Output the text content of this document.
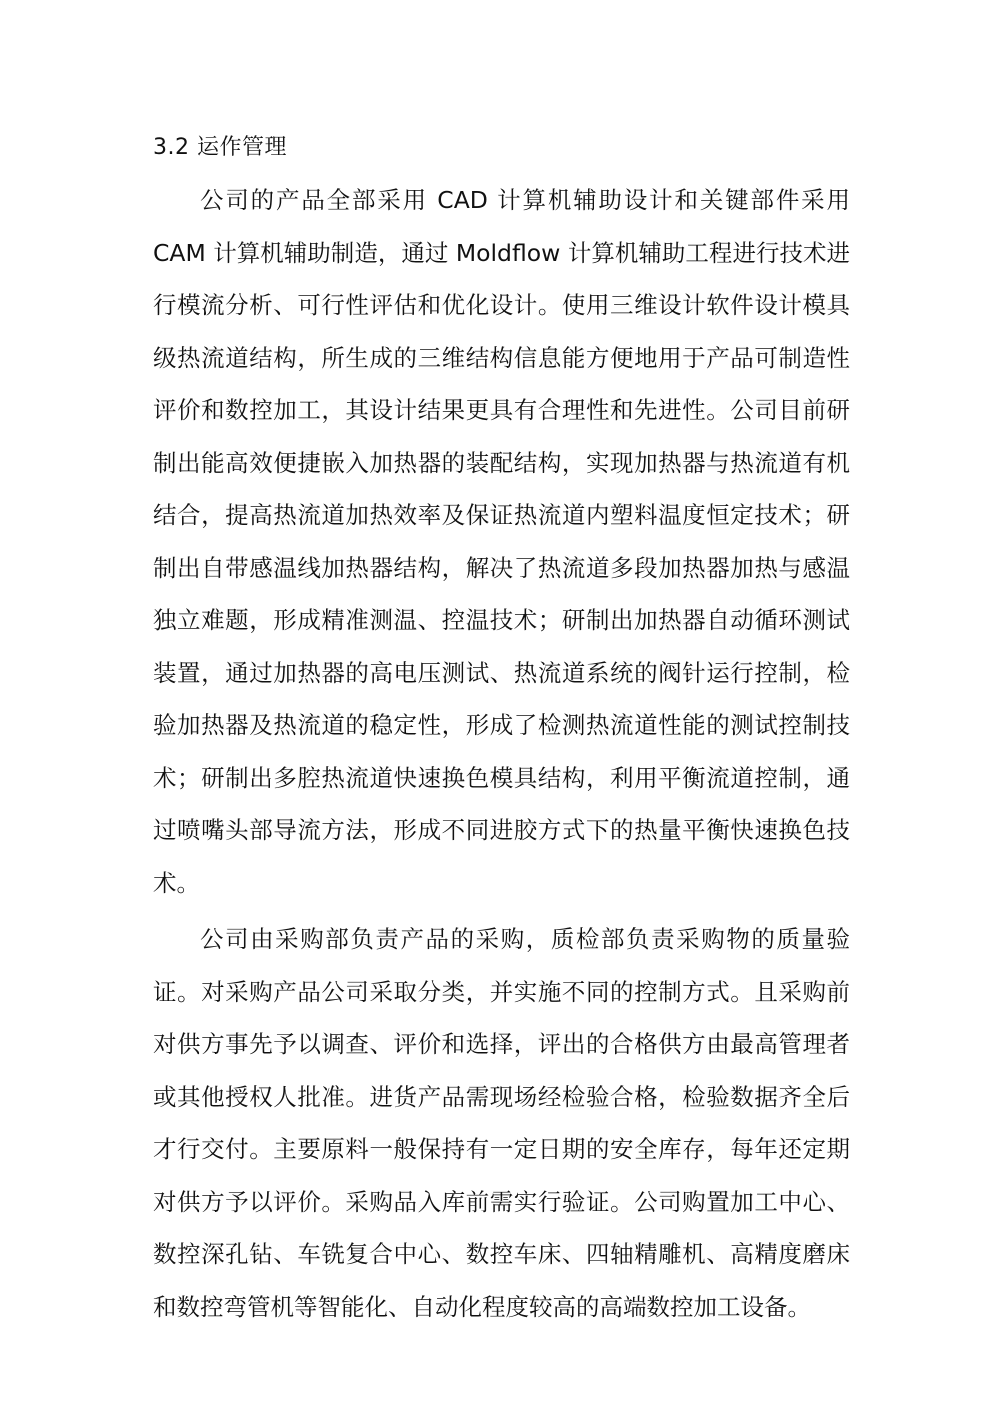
3.2 运作管理

公司的产品全部采用 CAD 计算机辅助设计和关键部件采用 CAM 计算机辅助制造，通过 Moldflow 计算机辅助工程进行技术进行模流分析、可行性评估和优化设计。使用三维设计软件设计模具级热流道结构，所生成的三维结构信息能方便地用于产品可制造性评价和数控加工，其设计结果更具有合理性和先进性。公司目前研制出能高效便捷嵌入加热器的装配结构，实现加热器与热流道有机结合，提高热流道加热效率及保证热流道内塑料温度恒定技术；研制出自带感温线加热器结构，解决了热流道多段加热器加热与感温独立难题，形成精准测温、控温技术；研制出加热器自动循环测试装置，通过加热器的高电压测试、热流道系统的阀针运行控制，检验加热器及热流道的稳定性，形成了检测热流道性能的测试控制技术；研制出多腔热流道快速换色模具结构，利用平衡流道控制，通过喷嘴头部导流方法，形成不同进胶方式下的热量平衡快速换色技术。

公司由采购部负责产品的采购，质检部负责采购物的质量验证。对采购产品公司采取分类，并实施不同的控制方式。且采购前对供方事先予以调查、评价和选择，评出的合格供方由最高管理者或其他授权人批准。进货产品需现场经检验合格，检验数据齐全后才行交付。主要原料一般保持有一定日期的安全库存，每年还定期对供方予以评价。采购品入库前需实行验证。公司购置加工中心、数控深孔钻、车铣复合中心、数控车床、四轴精雕机、高精度磨床和数控弯管机等智能化、自动化程度较高的高端数控加工设备。
